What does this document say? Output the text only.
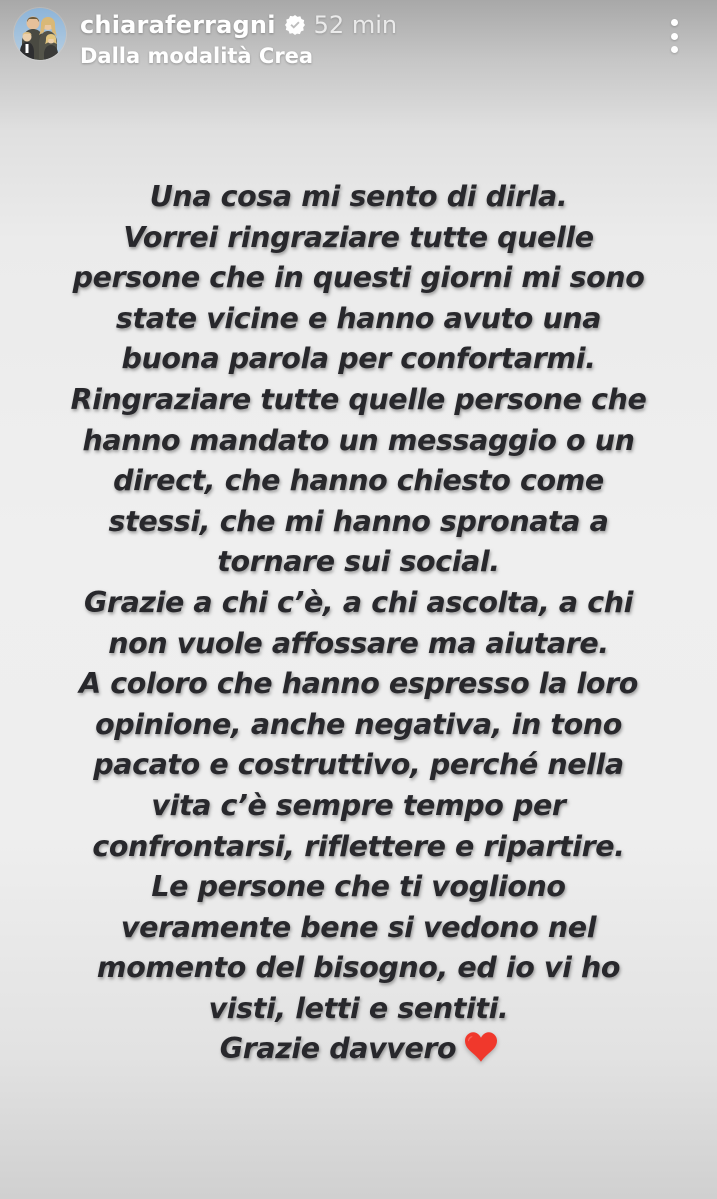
chiaraferragni 52 min
Dalla modalità Crea
Una cosa mi sento di dirla.
Vorrei ringraziare tutte quelle
persone che in questi giorni mi sono
state vicine e hanno avuto una
buona parola per confortarmi.
Ringraziare tutte quelle persone che
hanno mandato un messaggio o un
direct, che hanno chiesto come
stessi, che mi hanno spronata a
tornare sui social.
Grazie a chi c’è, a chi ascolta, a chi
non vuole affossare ma aiutare.
A coloro che hanno espresso la loro
opinione, anche negativa, in tono
pacato e costruttivo, perché nella
vita c’è sempre tempo per
confrontarsi, riflettere e ripartire.
Le persone che ti vogliono
veramente bene si vedono nel
momento del bisogno, ed io vi ho
visti, letti e sentiti.
Grazie davvero
